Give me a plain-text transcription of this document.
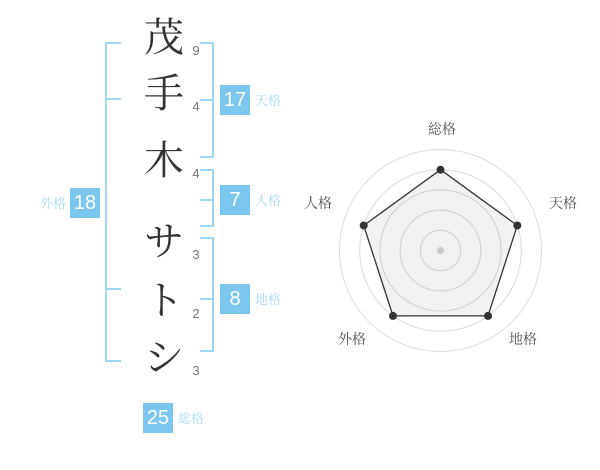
17 天格
7	人格
8	地格
外格 18
25 総格
茂 9
手 4
木 4
サ 3
ト 2
シ 3
総格
天格
地格
外格
人格
